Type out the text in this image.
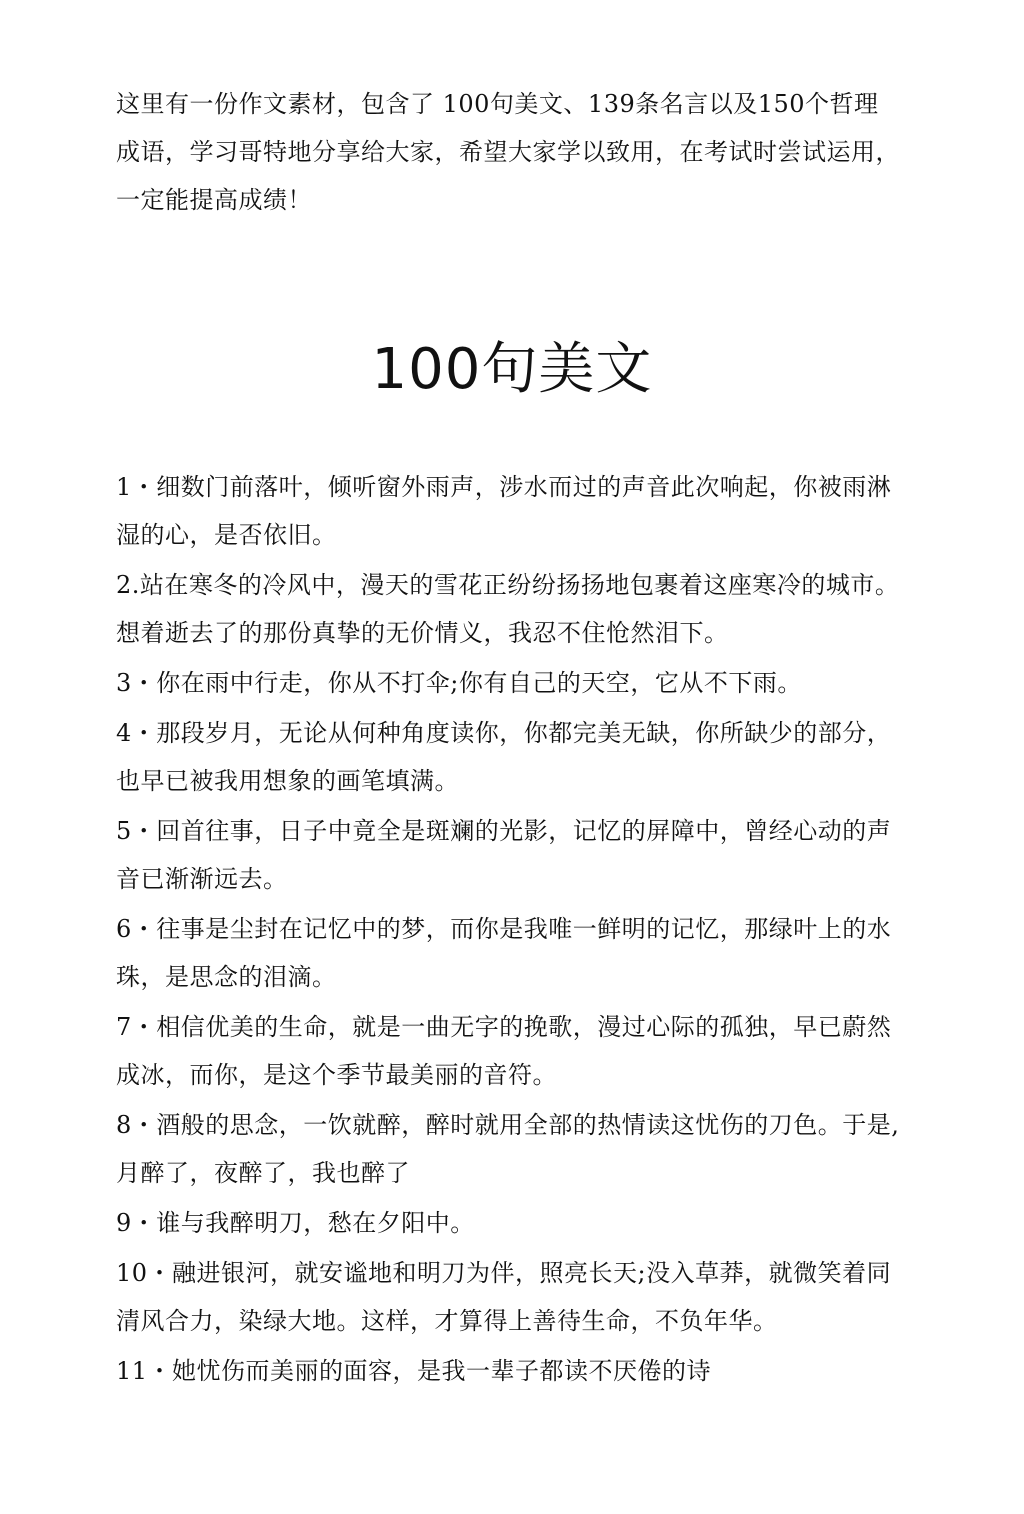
这里有一份作文素材，包含了 100句美文、139条名言以及150个哲理

成语，学习哥特地分享给大家，希望大家学以致用，在考试时尝试运用，

一定能提高成绩！

100句美文

1・细数门前落叶，倾听窗外雨声，涉水而过的声音此次响起，你被雨淋

湿的心，是否依旧。

2.站在寒冬的冷风中，漫天的雪花正纷纷扬扬地包裹着这座寒冷的城市。

想着逝去了的那份真挚的无价情义，我忍不住怆然泪下。

3・你在雨中行走，你从不打伞;你有自己的天空，它从不下雨。

4・那段岁月，无论从何种角度读你，你都完美无缺，你所缺少的部分，

也早已被我用想象的画笔填满。

5・回首往事，日子中竟全是斑斓的光影，记忆的屏障中，曾经心动的声

音已渐渐远去。

6・往事是尘封在记忆中的梦，而你是我唯一鲜明的记忆，那绿叶上的水

珠，是思念的泪滴。

7・相信优美的生命，就是一曲无字的挽歌，漫过心际的孤独，早已蔚然

成冰，而你，是这个季节最美丽的音符。

8・酒般的思念，一饮就醉，醉时就用全部的热情读这忧伤的刀色。于是,

月醉了，夜醉了，我也醉了

9・谁与我醉明刀，愁在夕阳中。

10・融进银河，就安谧地和明刀为伴，照亮长天;没入草莽，就微笑着同

清风合力，染绿大地。这样，才算得上善待生命，不负年华。

11・她忧伤而美丽的面容，是我一辈子都读不厌倦的诗
